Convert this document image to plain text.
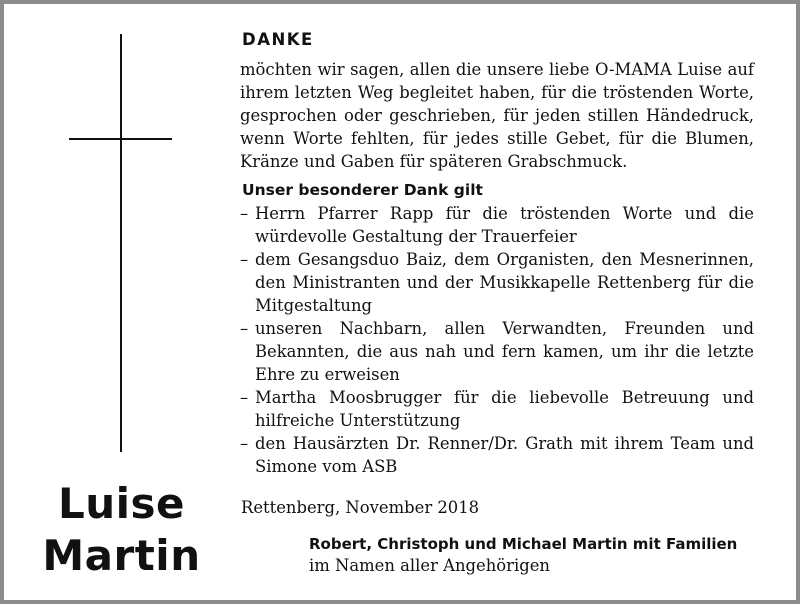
Luise
Martin
DANKE

möchten wir sagen, allen die unsere liebe O-MAMA Luise auf ihrem letzten Weg begleitet haben, für die tröstenden Worte, gesprochen oder geschrieben, für jeden stillen Händedruck, wenn Worte fehlten, für jedes stille Gebet, für die Blumen, Kränze und Gaben für späteren Grabschmuck.

Unser besonderer Dank gilt
– Herrn Pfarrer Rapp für die tröstenden Worte und die würdevolle Gestaltung der Trauerfeier
– dem Gesangsduo Baiz, dem Organisten, den Mesnerinnen, den Ministranten und der Musikkapelle Rettenberg für die Mitgestaltung
– unseren Nachbarn, allen Verwandten, Freunden und Bekannten, die aus nah und fern kamen, um ihr die letzte Ehre zu erweisen
– Martha Moosbrugger für die liebevolle Betreuung und hilfreiche Unterstützung
– den Hausärzten Dr. Renner/Dr. Grath mit ihrem Team und Simone vom ASB
Rettenberg, November 2018
Robert, Christoph und Michael Martin mit Familien
im Namen aller Angehörigen
